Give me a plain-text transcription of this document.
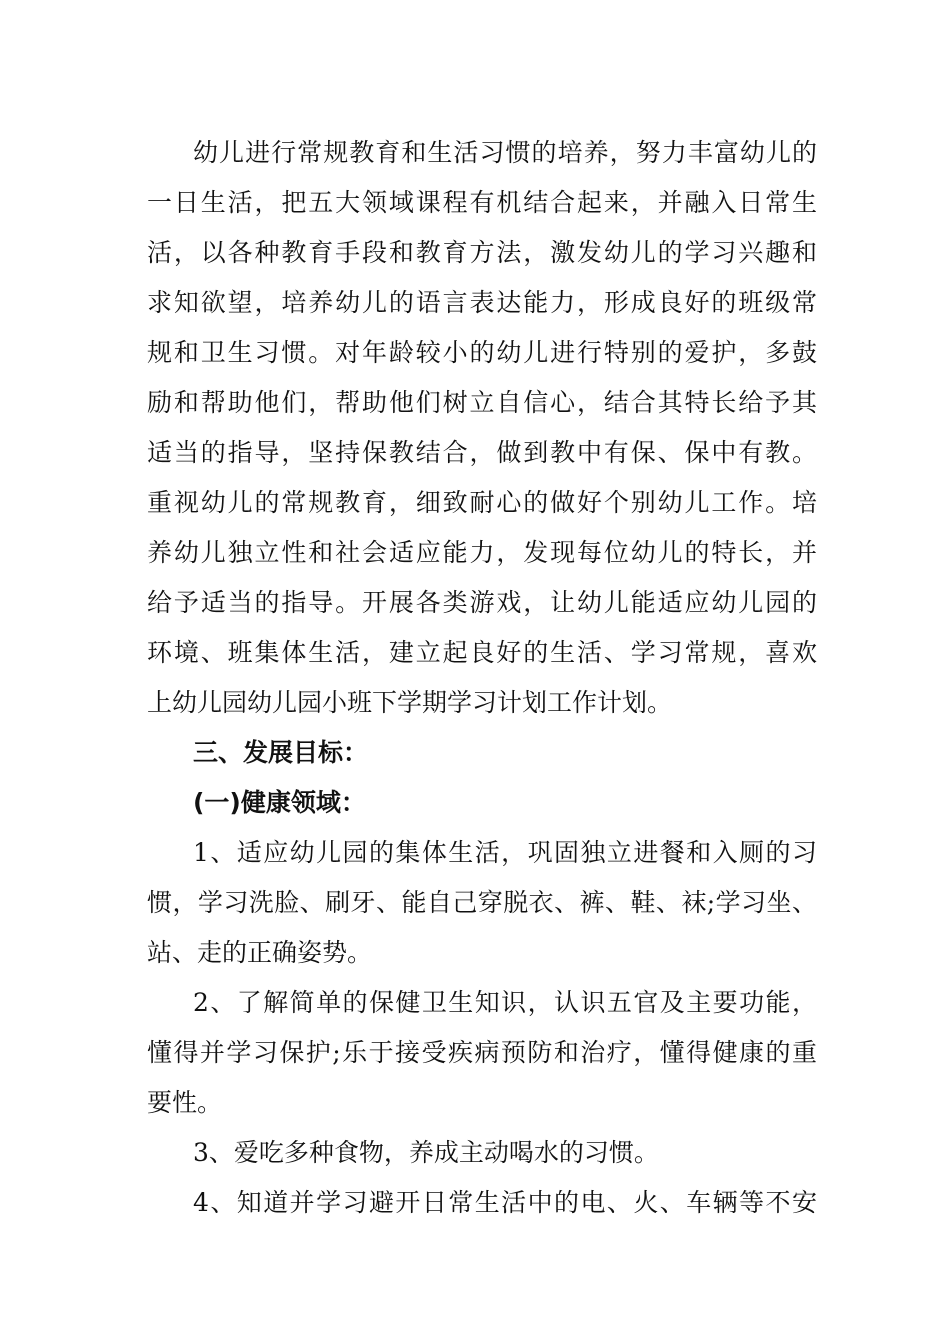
幼儿进行常规教育和生活习惯的培养，努力丰富幼儿的
一日生活，把五大领域课程有机结合起来，并融入日常生
活，以各种教育手段和教育方法，激发幼儿的学习兴趣和
求知欲望，培养幼儿的语言表达能力，形成良好的班级常
规和卫生习惯。对年龄较小的幼儿进行特别的爱护，多鼓
励和帮助他们，帮助他们树立自信心，结合其特长给予其
适当的指导，坚持保教结合，做到教中有保、保中有教。
重视幼儿的常规教育，细致耐心的做好个别幼儿工作。培
养幼儿独立性和社会适应能力，发现每位幼儿的特长，并
给予适当的指导。开展各类游戏，让幼儿能适应幼儿园的
环境、班集体生活，建立起良好的生活、学习常规，喜欢
上幼儿园幼儿园小班下学期学习计划工作计划。
三、发展目标：
(一)健康领域：
1、适应幼儿园的集体生活，巩固独立进餐和入厕的习
惯，学习洗脸、刷牙、能自己穿脱衣、裤、鞋、袜;学习坐、
站、走的正确姿势。
2、了解简单的保健卫生知识，认识五官及主要功能，
懂得并学习保护;乐于接受疾病预防和治疗，懂得健康的重
要性。
3、爱吃多种食物，养成主动喝水的习惯。
4、知道并学习避开日常生活中的电、火、车辆等不安
